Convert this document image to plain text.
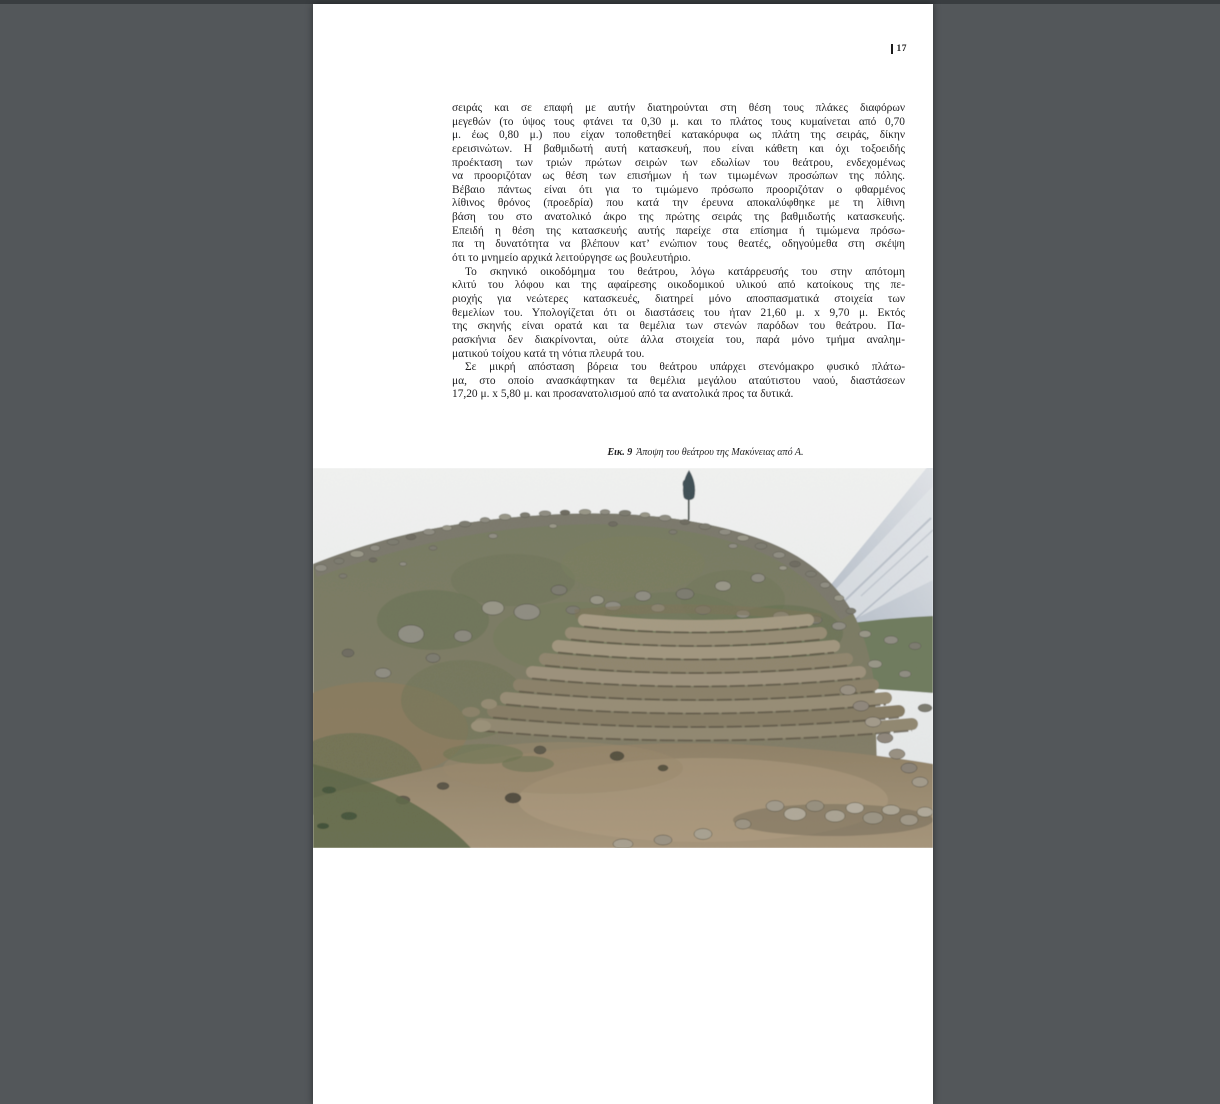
17
σειράς και σε επαφή με αυτήν διατηρούνται στη θέση τους πλάκες διαφόρων
μεγεθών (το ύψος τους φτάνει τα 0,30 μ. και το πλάτος τους κυμαίνεται από 0,70
μ. έως 0,80 μ.) που είχαν τοποθετηθεί κατακόρυφα ως πλάτη της σειράς, δίκην
ερεισινώτων. Η βαθμιδωτή αυτή κατασκευή, που είναι κάθετη και όχι τοξοειδής
προέκταση των τριών πρώτων σειρών των εδωλίων του θεάτρου, ενδεχομένως
να προοριζόταν ως θέση των επισήμων ή των τιμωμένων προσώπων της πόλης.
Βέβαιο πάντως είναι ότι για το τιμώμενο πρόσωπο προοριζόταν ο φθαρμένος
λίθινος θρόνος (προεδρία) που κατά την έρευνα αποκαλύφθηκε με τη λίθινη
βάση του στο ανατολικό άκρο της πρώτης σειράς της βαθμιδωτής κατασκευής.
Επειδή η θέση της κατασκευής αυτής παρείχε στα επίσημα ή τιμώμενα πρόσω-
πα τη δυνατότητα να βλέπουν κατ’ ενώπιον τους θεατές, οδηγούμεθα στη σκέψη
ότι το μνημείο αρχικά λειτούργησε ως βουλευτήριο.
Το σκηνικό οικοδόμημα του θεάτρου, λόγω κατάρρευσής του στην απότομη
κλιτύ του λόφου και της αφαίρεσης οικοδομικού υλικού από κατοίκους της πε-
ριοχής για νεώτερες κατασκευές, διατηρεί μόνο αποσπασματικά στοιχεία των
θεμελίων του. Υπολογίζεται ότι οι διαστάσεις του ήταν 21,60 μ. x 9,70 μ. Εκτός
της σκηνής είναι ορατά και τα θεμέλια των στενών παρόδων του θεάτρου. Πα-
ρασκήνια δεν διακρίνονται, ούτε άλλα στοιχεία του, παρά μόνο τμήμα αναλημ-
ματικού τοίχου κατά τη νότια πλευρά του.
Σε μικρή απόσταση βόρεια του θεάτρου υπάρχει στενόμακρο φυσικό πλάτω-
μα, στο οποίο ανασκάφτηκαν τα θεμέλια μεγάλου αταύτιστου ναού, διαστάσεων
17,20 μ. x 5,80 μ. και προσανατολισμού από τα ανατολικά προς τα δυτικά.
Εικ. 9 Άποψη του θεάτρου της Μακύνειας από Α.
